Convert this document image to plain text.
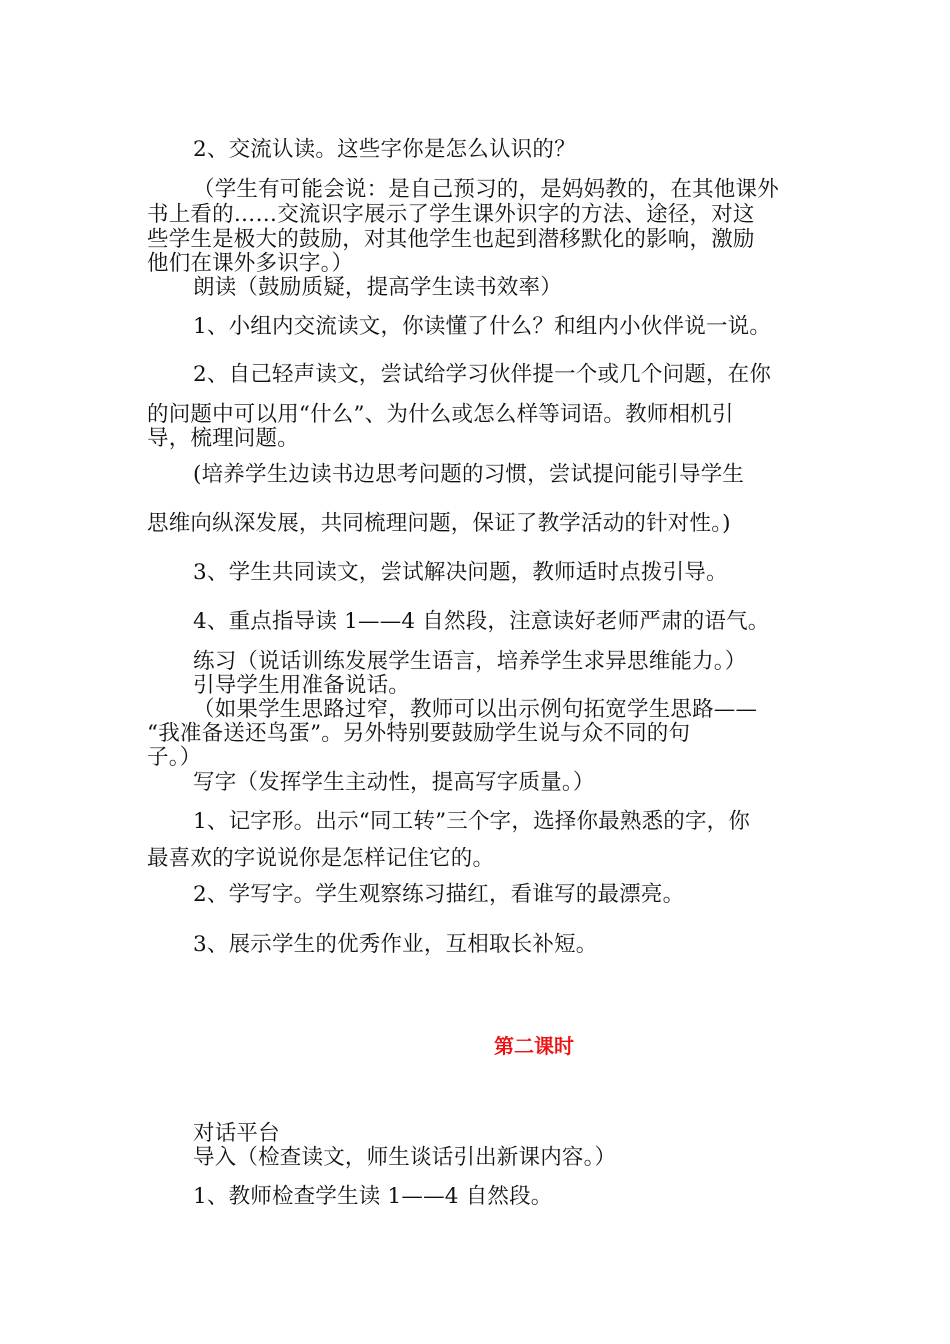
2、交流认读。这些字你是怎么认识的？
（学生有可能会说：是自己预习的，是妈妈教的，在其他课外
书上看的……交流识字展示了学生课外识字的方法、途径，对这
些学生是极大的鼓励，对其他学生也起到潜移默化的影响，激励
他们在课外多识字。）
朗读（鼓励质疑，提高学生读书效率）
1、小组内交流读文，你读懂了什么？和组内小伙伴说一说。
2、自己轻声读文，尝试给学习伙伴提一个或几个问题，在你
的问题中可以用“什么”、为什么或怎么样等词语。教师相机引
导，梳理问题。
(培养学生边读书边思考问题的习惯，尝试提问能引导学生
思维向纵深发展，共同梳理问题，保证了教学活动的针对性。)
3、学生共同读文，尝试解决问题，教师适时点拨引导。
4、重点指导读 1——4 自然段，注意读好老师严肃的语气。
练习（说话训练发展学生语言，培养学生求异思维能力。）
引导学生用准备说话。
（如果学生思路过窄，教师可以出示例句拓宽学生思路——
“我准备送还鸟蛋”。另外特别要鼓励学生说与众不同的句
子。）
写字（发挥学生主动性，提高写字质量。）
1、记字形。出示“同工转”三个字，选择你最熟悉的字，你
最喜欢的字说说你是怎样记住它的。
2、学写字。学生观察练习描红，看谁写的最漂亮。
3、展示学生的优秀作业，互相取长补短。
第二课时
对话平台
导入（检查读文，师生谈话引出新课内容。）
1、教师检查学生读 1——4 自然段。
